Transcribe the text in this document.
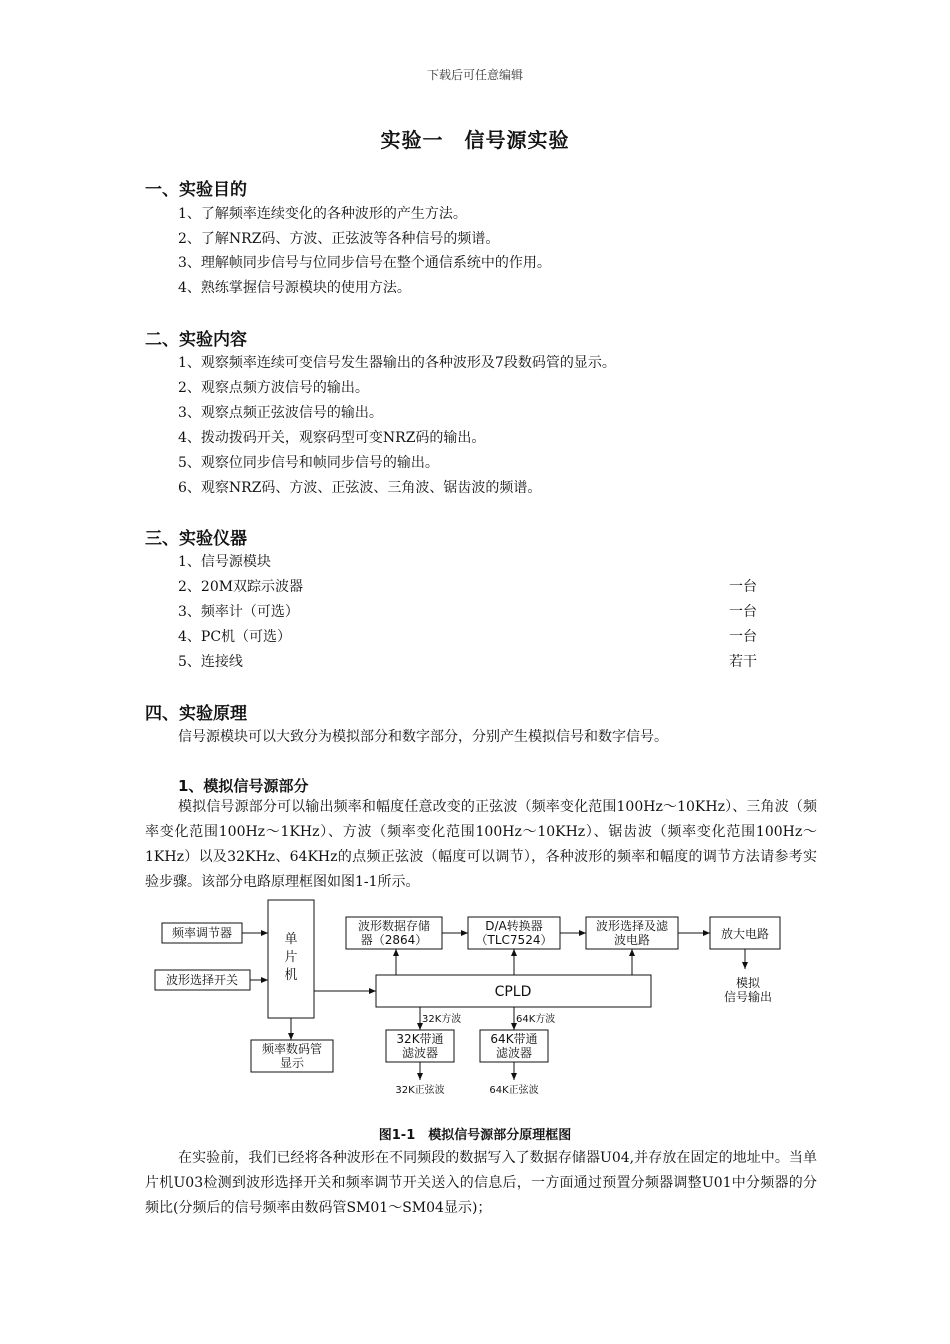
下载后可任意编辑
实验一　信号源实验
一、实验目的
1、了解频率连续变化的各种波形的产生方法。
2、了解NRZ码、方波、正弦波等各种信号的频谱。
3、理解帧同步信号与位同步信号在整个通信系统中的作用。
4、熟练掌握信号源模块的使用方法。
二、实验内容
1、观察频率连续可变信号发生器输出的各种波形及7段数码管的显示。
2、观察点频方波信号的输出。
3、观察点频正弦波信号的输出。
4、拨动拨码开关，观察码型可变NRZ码的输出。
5、观察位同步信号和帧同步信号的输出。
6、观察NRZ码、方波、正弦波、三角波、锯齿波的频谱。
三、实验仪器
1、信号源模块
2、20M双踪示波器	一台
3、频率计（可选）	一台
4、PC机（可选）	一台
5、连接线	若干
四、实验原理
信号源模块可以大致分为模拟部分和数字部分，分别产生模拟信号和数字信号。
1、模拟信号源部分
模拟信号源部分可以输出频率和幅度任意改变的正弦波（频率变化范围100Hz～10KHz）、三角波（频率变化范围100Hz～1KHz）、方波（频率变化范围100Hz～10KHz）、锯齿波（频率变化范围100Hz～1KHz）以及32KHz、64KHz的点频正弦波（幅度可以调节），各种波形的频率和幅度的调节方法请参考实验步骤。该部分电路原理框图如图1-1所示。
频率调节器
波形选择开关
单
片
机
频率数码管
显示
波形数据存储
器（2864）
D/A转换器
（TLC7524）
波形选择及滤
波电路	放大电路
模拟
信号输出
CPLD
32K方波	64K方波
32K带通
滤波器
64K带通
滤波器
32K正弦波	64K正弦波
图1-1　模拟信号源部分原理框图
在实验前，我们已经将各种波形在不同频段的数据写入了数据存储器U04,并存放在固定的地址中。当单片机U03检测到波形选择开关和频率调节开关送入的信息后，一方面通过预置分频器调整U01中分频器的分频比(分频后的信号频率由数码管SM01～SM04显示)；
